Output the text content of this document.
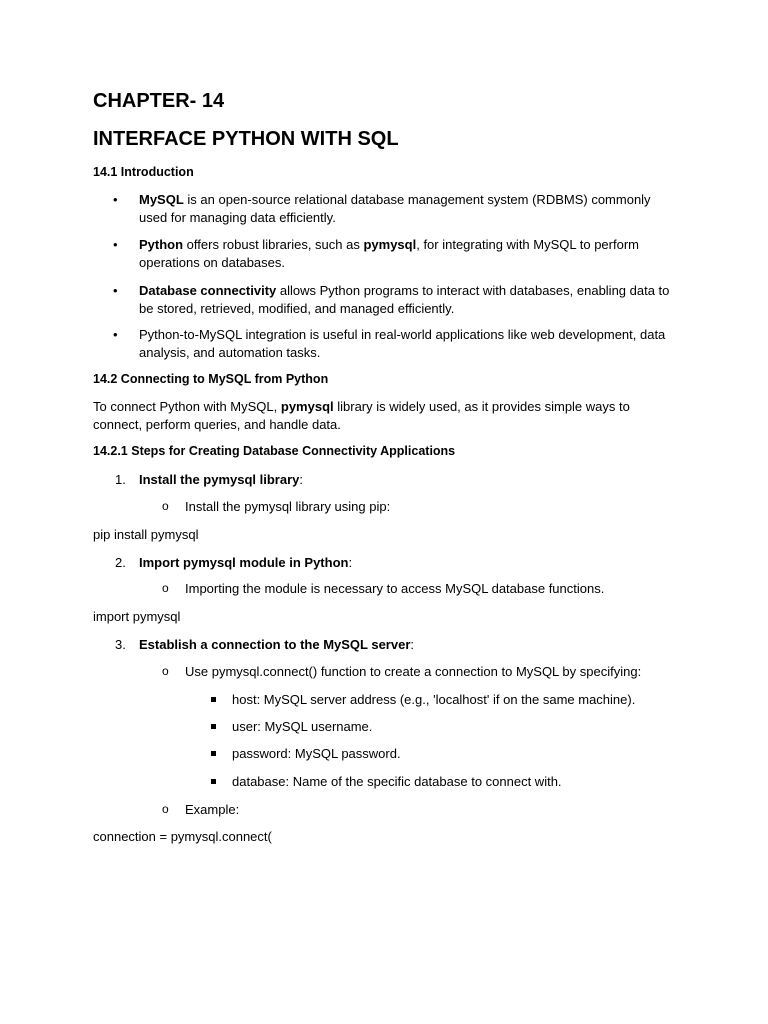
CHAPTER- 14
INTERFACE PYTHON WITH SQL
14.1 Introduction
•	MySQL is an open-source relational database management system (RDBMS) commonly used for managing data efficiently.
•	Python offers robust libraries, such as pymysql, for integrating with MySQL to perform operations on databases.
•	Database connectivity allows Python programs to interact with databases, enabling data to be stored, retrieved, modified, and managed efficiently.
•	Python-to-MySQL integration is useful in real-world applications like web development, data analysis, and automation tasks.
14.2 Connecting to MySQL from Python
To connect Python with MySQL, pymysql library is widely used, as it provides simple ways to connect, perform queries, and handle data.
14.2.1 Steps for Creating Database Connectivity Applications
1.	Install the pymysql library:
o Install the pymysql library using pip:
pip install pymysql
2.	Import pymysql module in Python:
o Importing the module is necessary to access MySQL database functions.
import pymysql
3.	Establish a connection to the MySQL server:
o Use pymysql.connect() function to create a connection to MySQL by specifying:
host: MySQL server address (e.g., 'localhost' if on the same machine).
user: MySQL username.
password: MySQL password.
database: Name of the specific database to connect with.
o Example:
connection = pymysql.connect(
